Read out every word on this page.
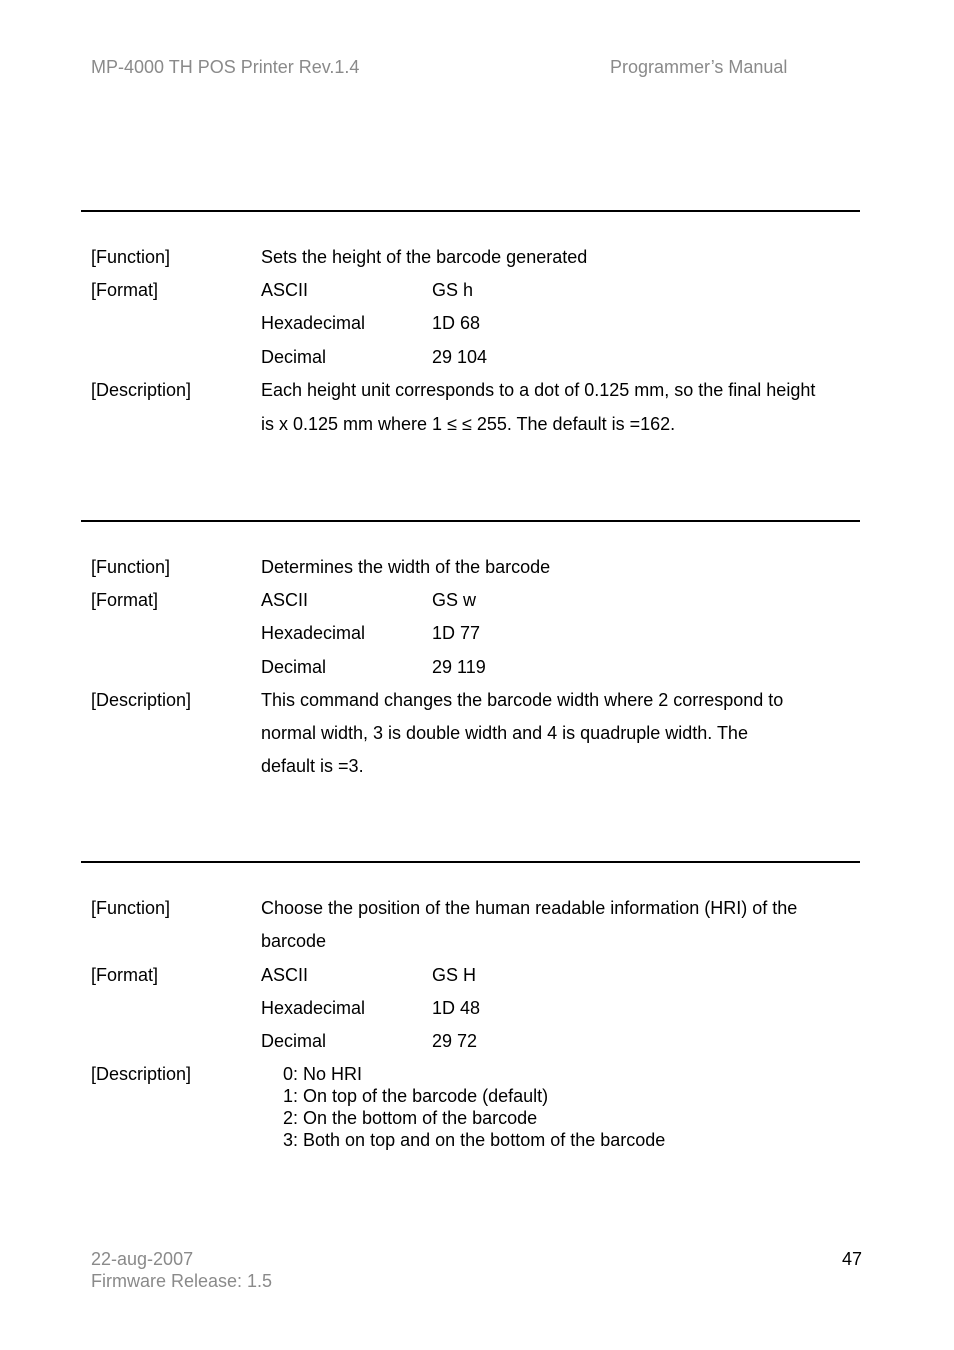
MP-4000 TH POS Printer Rev.1.4	Programmer’s Manual
[Function]	Sets the height of the barcode generated
[Format]	ASCII	GS h
Hexadecimal	1D 68
Decimal	29 104
[Description]	Each height unit corresponds to a dot of 0.125 mm, so the final height
is x 0.125 mm where 1 ≤ ≤ 255. The default is =162.
[Function]	Determines the width of the barcode
[Format]	ASCII	GS w
Hexadecimal	1D 77
Decimal	29 119
[Description]	This command changes the barcode width where 2 correspond to
normal width, 3 is double width and 4 is quadruple width. The
default is =3.
[Function]	Choose the position of the human readable information (HRI) of the
barcode
[Format]	ASCII	GS H
Hexadecimal	1D 48
Decimal	29 72
[Description]	0: No HRI
1: On top of the barcode (default)
2: On the bottom of the barcode
3: Both on top and on the bottom of the barcode
22-aug-2007
Firmware Release: 1.5
47
